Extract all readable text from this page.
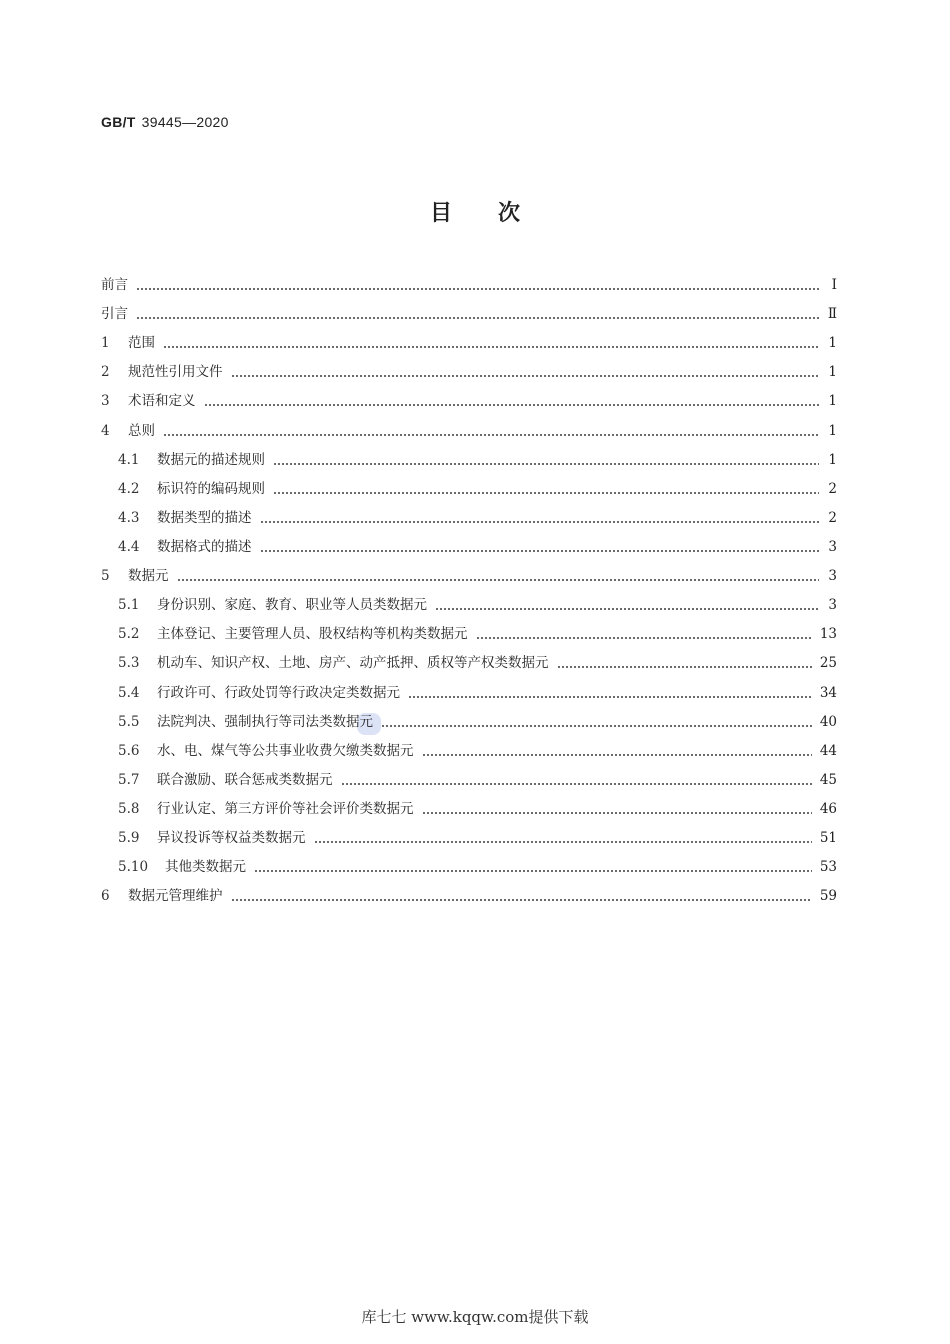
GB/T 39445—2020
目 次
前言	Ⅰ
引言	Ⅱ
1	范围	1
2	规范性引用文件	1
3	术语和定义	1
4	总则	1
4.1	数据元的描述规则	1
4.2	标识符的编码规则	2
4.3	数据类型的描述	2
4.4	数据格式的描述	3
5	数据元	3
5.1	身份识别、家庭、教育、职业等人员类数据元	3
5.2	主体登记、主要管理人员、股权结构等机构类数据元	13
5.3	机动车、知识产权、土地、房产、动产抵押、质权等产权类数据元	25
5.4	行政许可、行政处罚等行政决定类数据元	34
5.5	法院判决、强制执行等司法类数据元	40
5.6	水、电、煤气等公共事业收费欠缴类数据元	44
5.7	联合激励、联合惩戒类数据元	45
5.8	行业认定、第三方评价等社会评价类数据元	46
5.9	异议投诉等权益类数据元	51
5.10	其他类数据元	53
6	数据元管理维护	59
库七七 www.kqqw.com提供下载
